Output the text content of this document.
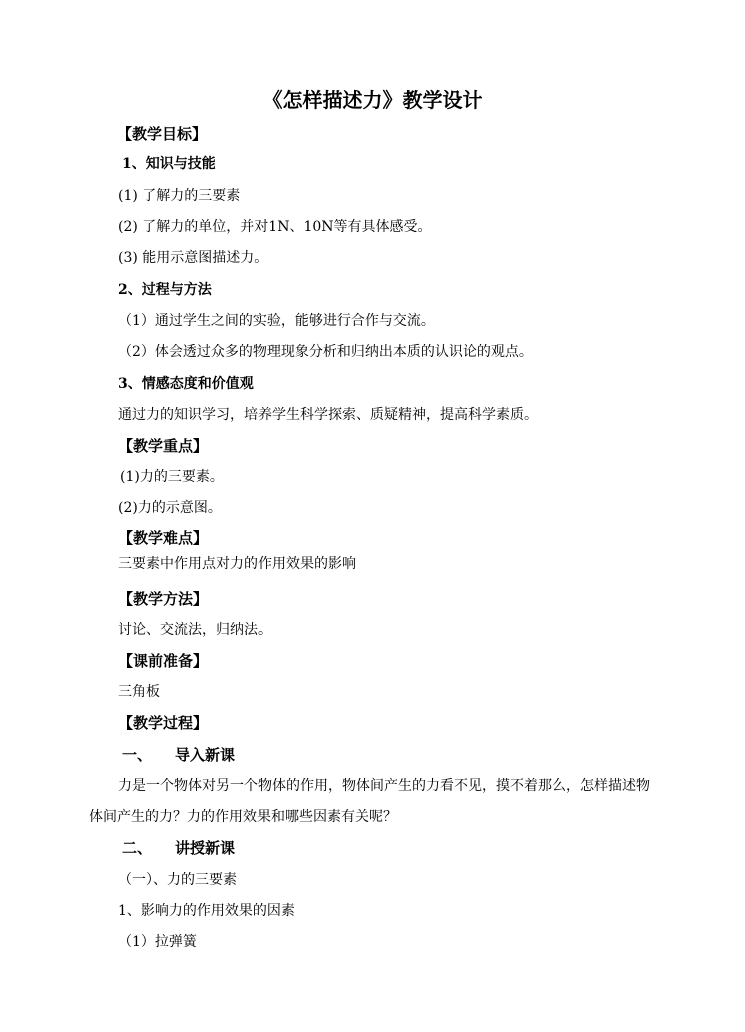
《怎样描述力》教学设计
【教学目标】
1、知识与技能
(1) 了解力的三要素
(2) 了解力的单位，并对1N、10N等有具体感受。
(3) 能用示意图描述力。
2、过程与方法
（1）通过学生之间的实验，能够进行合作与交流。
（2）体会透过众多的物理现象分析和归纳出本质的认识论的观点。
3、情感态度和价值观
通过力的知识学习，培养学生科学探索、质疑精神，提高科学素质。
【教学重点】
(1)力的三要素。
(2)力的示意图。
【教学难点】
三要素中作用点对力的作用效果的影响
【教学方法】
讨论、交流法，归纳法。
【课前准备】
三角板
【教学过程】
一、 导入新课
力是一个物体对另一个物体的作用，物体间产生的力看不见，摸不着那么，怎样描述物
体间产生的力？力的作用效果和哪些因素有关呢？
二、 讲授新课
（一）、力的三要素
1、影响力的作用效果的因素
（1）拉弹簧
